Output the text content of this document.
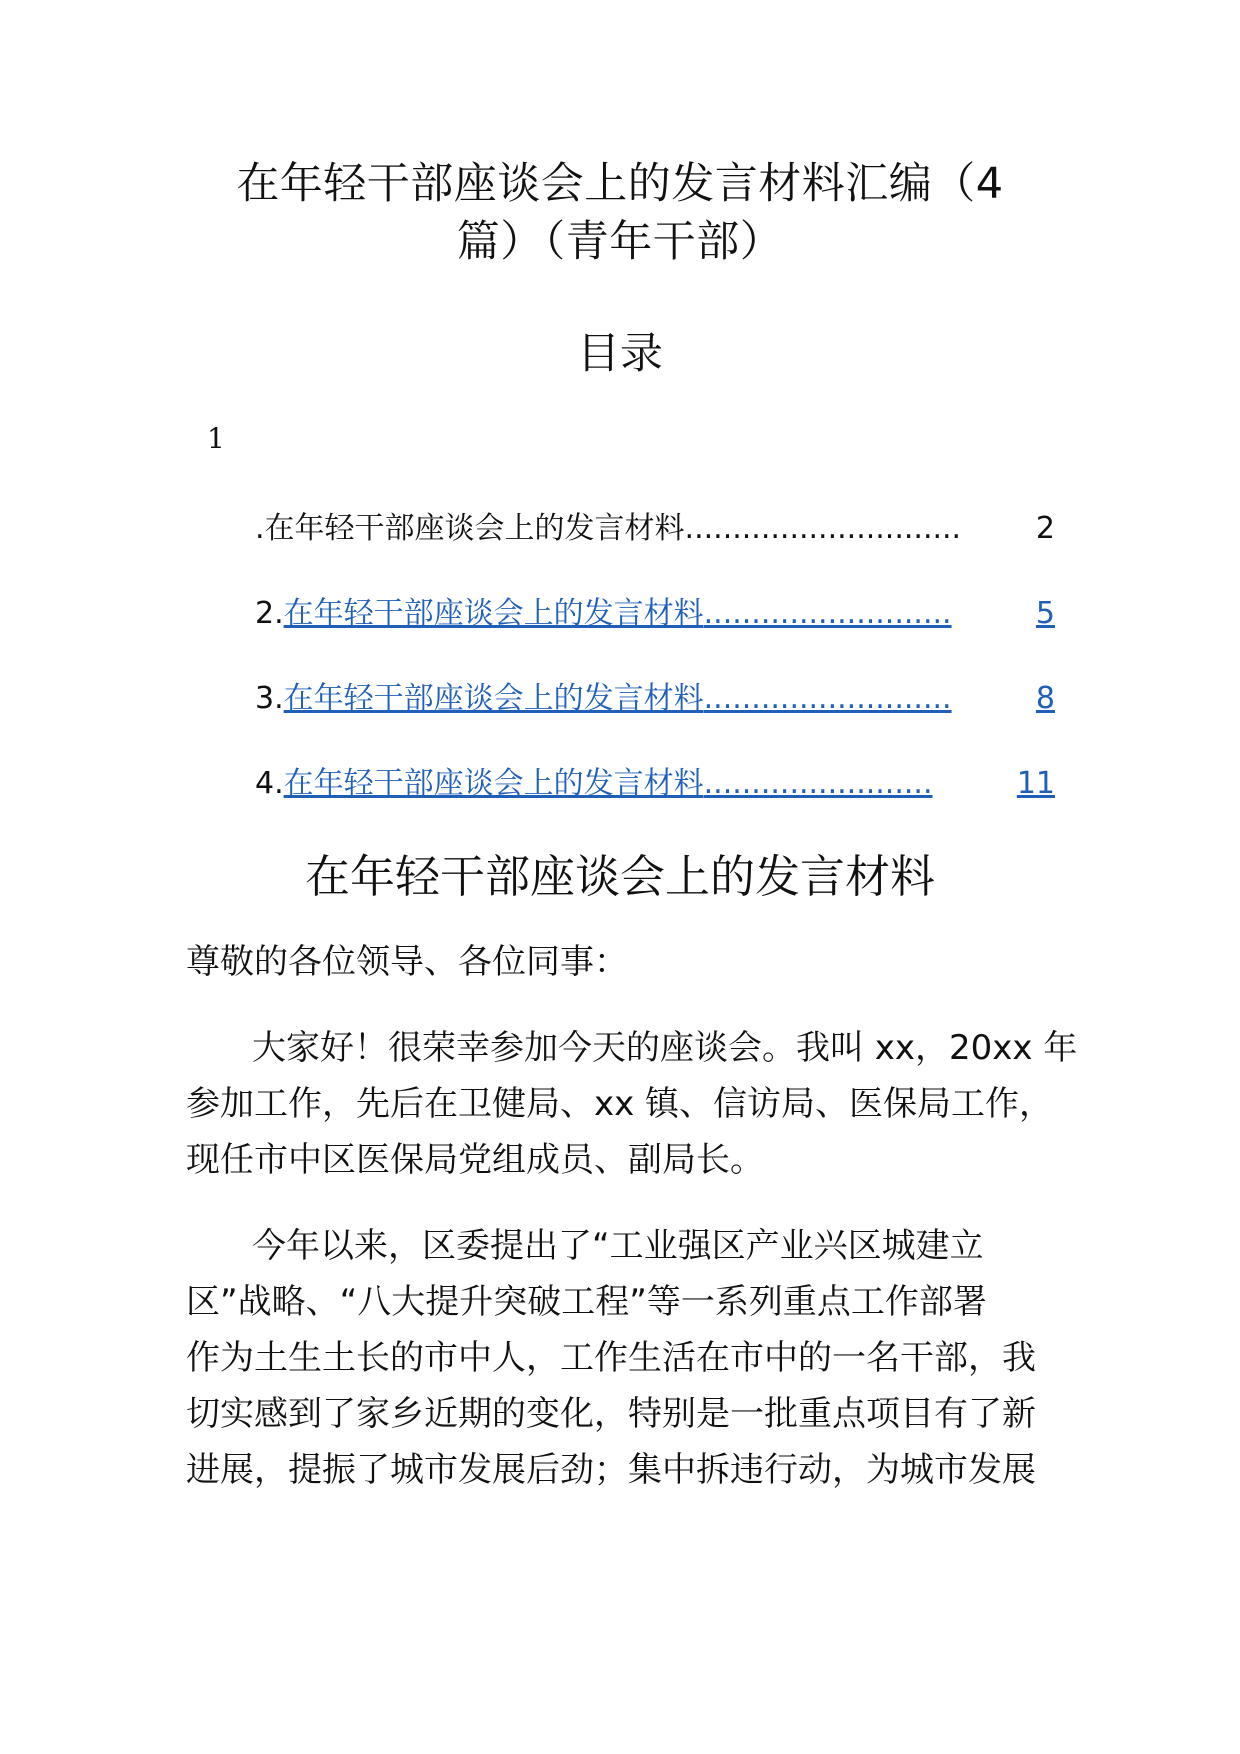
在年轻干部座谈会上的发言材料汇编（4
篇）（青年干部）
目录
1
.在年轻干部座谈会上的发言材料 .............................	2
2. 在年轻干部座谈会上的发言材料 ..........................	5
3. 在年轻干部座谈会上的发言材料 ..........................	8
4. 在年轻干部座谈会上的发言材料 ........................	11
在年轻干部座谈会上的发言材料
尊敬的各位领导、各位同事：
大家好！很荣幸参加今天的座谈会。我叫 xx，20xx 年
参加工作，先后在卫健局、xx 镇、信访局、医保局工作，
现任市中区医保局党组成员、副局长。
今年以来，区委提出了“工业强区产业兴区城建立
区”战略、“八大提升突破工程”等一系列重点工作部署
作为土生土长的市中人，工作生活在市中的一名干部，我
切实感到了家乡近期的变化，特别是一批重点项目有了新
进展，提振了城市发展后劲；集中拆违行动，为城市发展
